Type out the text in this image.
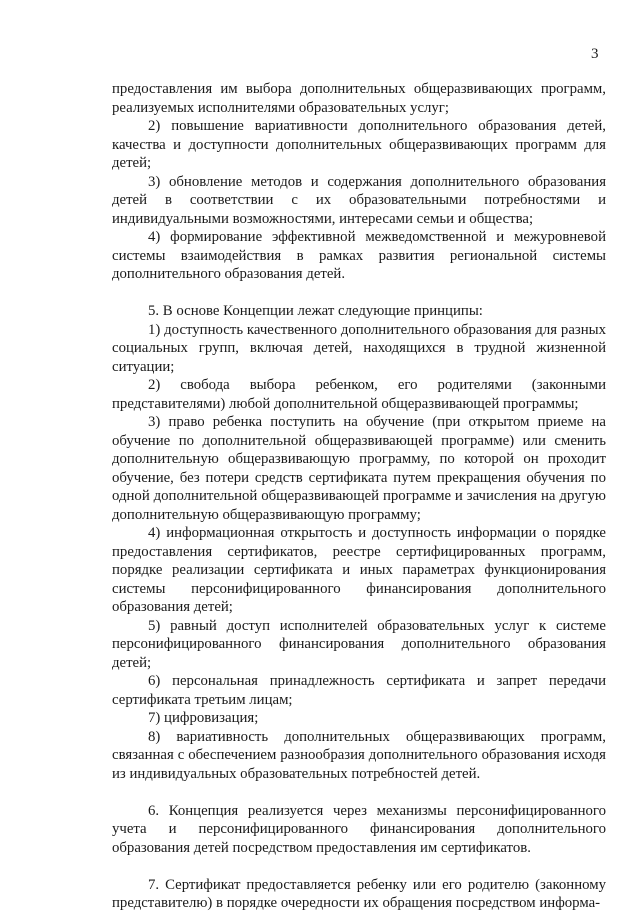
3

предоставления им выбора дополнительных общеразвивающих программ, реализуемых исполнителями образовательных услуг;

2) повышение вариативности дополнительного образования детей, качества и доступности дополнительных общеразвивающих программ для детей;

3) обновление методов и содержания дополнительного образования детей в соответствии с их образовательными потребностями и индивидуальными возможностями, интересами семьи и общества;

4) формирование эффективной межведомственной и межуровневой системы взаимодействия в рамках развития региональной системы дополнительного образования детей.

5. В основе Концепции лежат следующие принципы:

1) доступность качественного дополнительного образования для разных социальных групп, включая детей, находящихся в трудной жизненной ситуации;

2) свобода выбора ребенком, его родителями (законными представителями) любой дополнительной общеразвивающей программы;

3) право ребенка поступить на обучение (при открытом приеме на обучение по дополнительной общеразвивающей программе) или сменить дополнительную общеразвивающую программу, по которой он проходит обучение, без потери средств сертификата путем прекращения обучения по одной дополнительной общеразвивающей программе и зачисления на другую дополнительную общеразвивающую программу;

4) информационная открытость и доступность информации о порядке предоставления сертификатов, реестре сертифицированных программ, порядке реализации сертификата и иных параметрах функционирования системы персонифицированного финансирования дополнительного образования детей;

5) равный доступ исполнителей образовательных услуг к системе персонифицированного финансирования дополнительного образования детей;

6) персональная принадлежность сертификата и запрет передачи сертификата третьим лицам;

7) цифровизация;

8) вариативность дополнительных общеразвивающих программ, связанная с обеспечением разнообразия дополнительного образования исходя из индивидуальных образовательных потребностей детей.

6. Концепция реализуется через механизмы персонифицированного учета и персонифицированного финансирования дополнительного образования детей посредством предоставления им сертификатов.

7. Сертификат предоставляется ребенку или его родителю (законному представителю) в порядке очередности их обращения посредством информа-
